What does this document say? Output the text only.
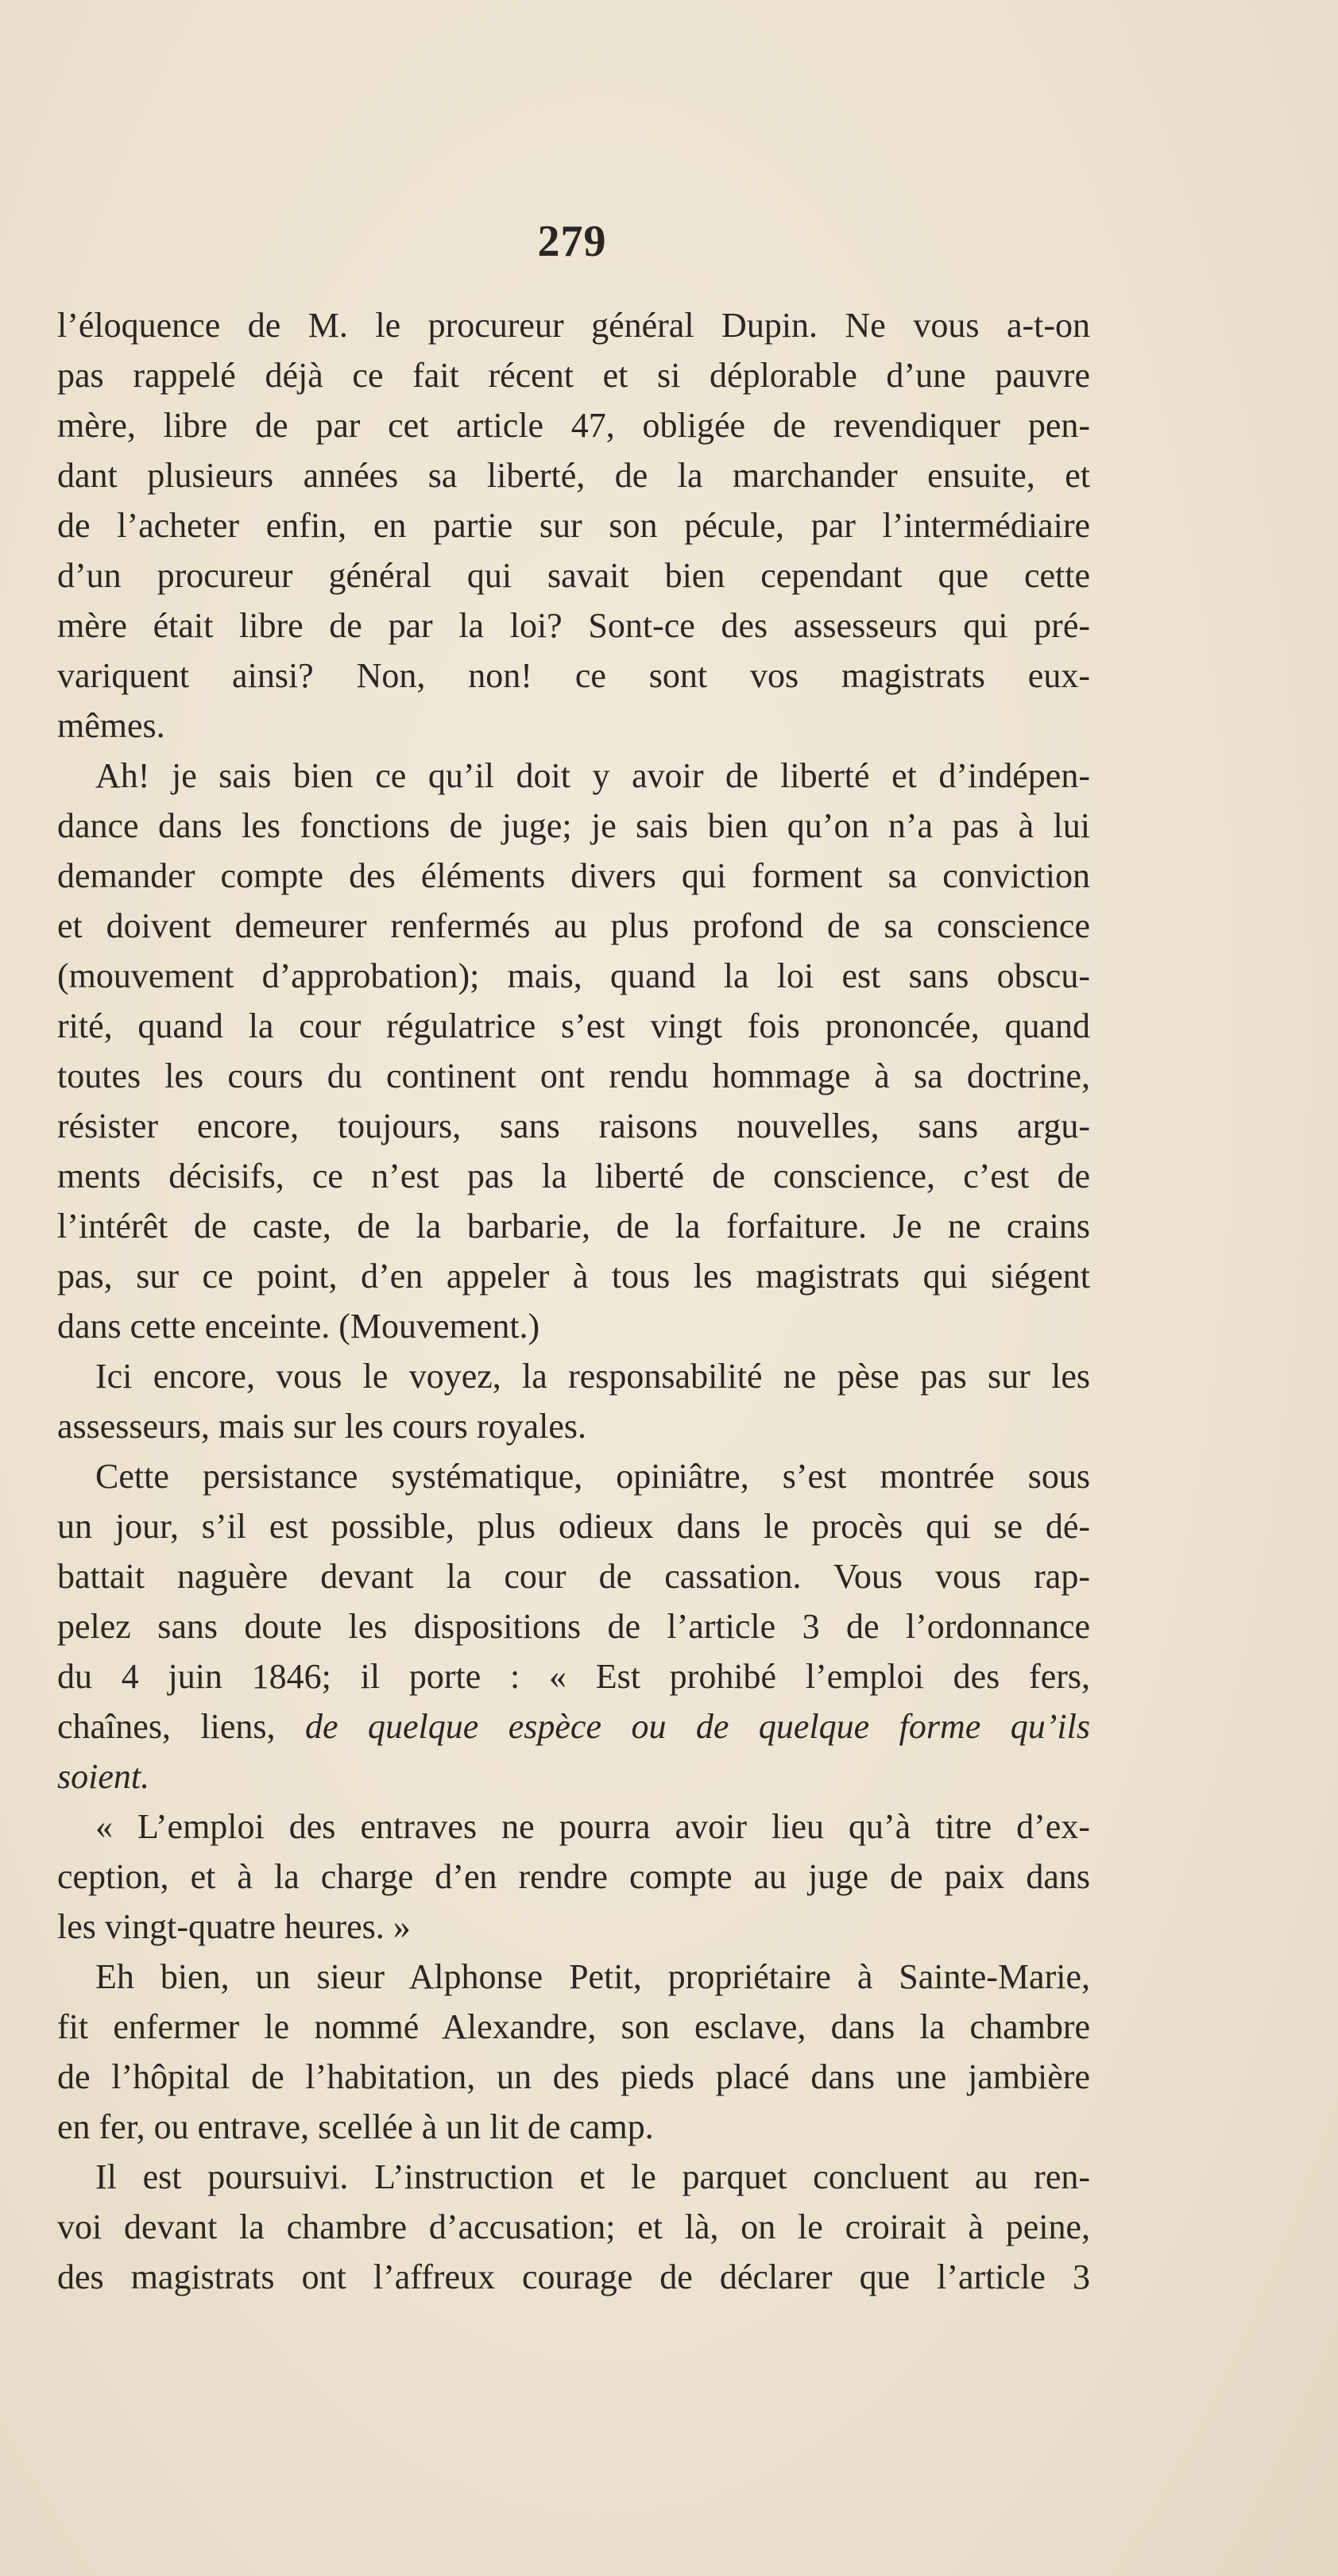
279
l’éloquence de M. le procureur général Dupin. Ne vous a-t-on
pas rappelé déjà ce fait récent et si déplorable d’une pauvre
mère, libre de par cet article 47, obligée de revendiquer pen-
dant plusieurs années sa liberté, de la marchander ensuite, et
de l’acheter enfin, en partie sur son pécule, par l’intermédiaire
d’un procureur général qui savait bien cependant que cette
mère était libre de par la loi? Sont-ce des assesseurs qui pré-
variquent ainsi? Non, non! ce sont vos magistrats eux-
mêmes.
Ah! je sais bien ce qu’il doit y avoir de liberté et d’indépen-
dance dans les fonctions de juge; je sais bien qu’on n’a pas à lui
demander compte des éléments divers qui forment sa conviction
et doivent demeurer renfermés au plus profond de sa conscience
(mouvement d’approbation); mais, quand la loi est sans obscu-
rité, quand la cour régulatrice s’est vingt fois prononcée, quand
toutes les cours du continent ont rendu hommage à sa doctrine,
résister encore, toujours, sans raisons nouvelles, sans argu-
ments décisifs, ce n’est pas la liberté de conscience, c’est de
l’intérêt de caste, de la barbarie, de la forfaiture. Je ne crains
pas, sur ce point, d’en appeler à tous les magistrats qui siégent
dans cette enceinte. (Mouvement.)
Ici encore, vous le voyez, la responsabilité ne pèse pas sur les
assesseurs, mais sur les cours royales.
Cette persistance systématique, opiniâtre, s’est montrée sous
un jour, s’il est possible, plus odieux dans le procès qui se dé-
battait naguère devant la cour de cassation. Vous vous rap-
pelez sans doute les dispositions de l’article 3 de l’ordonnance
du 4 juin 1846; il porte : « Est prohibé l’emploi des fers,
chaînes, liens, de quelque espèce ou de quelque forme qu’ils
soient.
« L’emploi des entraves ne pourra avoir lieu qu’à titre d’ex-
ception, et à la charge d’en rendre compte au juge de paix dans
les vingt-quatre heures. »
Eh bien, un sieur Alphonse Petit, propriétaire à Sainte-Marie,
fit enfermer le nommé Alexandre, son esclave, dans la chambre
de l’hôpital de l’habitation, un des pieds placé dans une jambière
en fer, ou entrave, scellée à un lit de camp.
Il est poursuivi. L’instruction et le parquet concluent au ren-
voi devant la chambre d’accusation; et là, on le croirait à peine,
des magistrats ont l’affreux courage de déclarer que l’article 3
